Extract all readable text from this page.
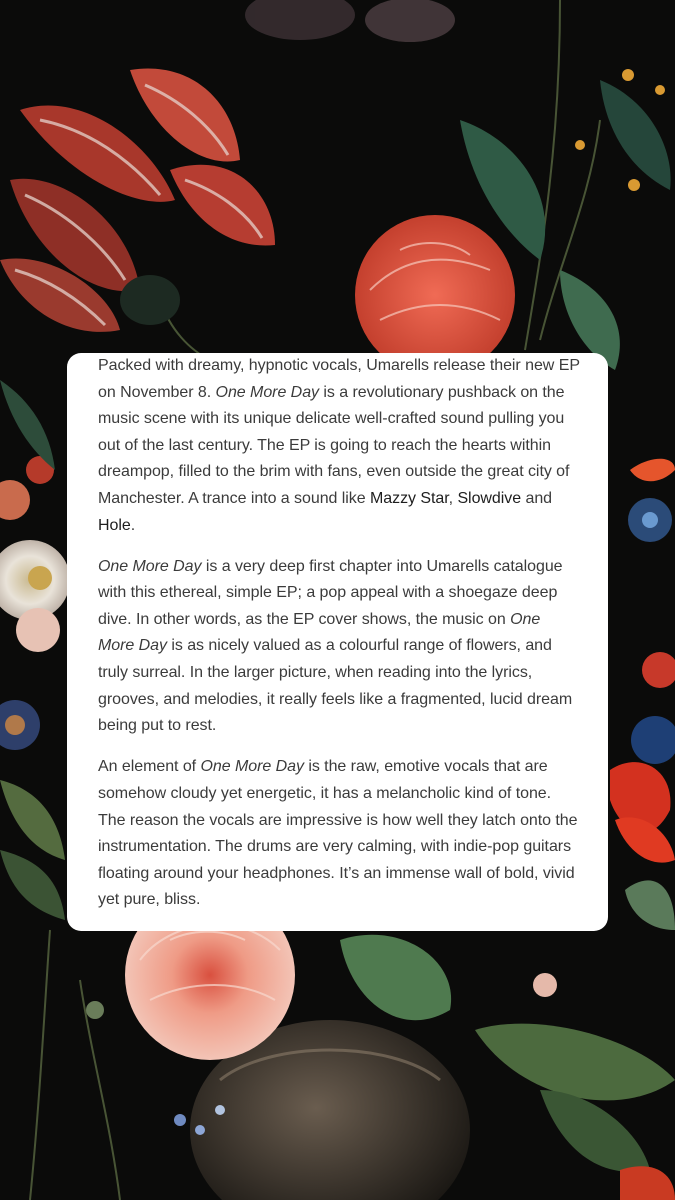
Packed with dreamy, hypnotic vocals, Umarells release their new EP on November 8. One More Day is a revolutionary pushback on the music scene with its unique delicate well-crafted sound pulling you out of the last century. The EP is going to reach the hearts within dreampop, filled to the brim with fans, even outside the great city of Manchester. A trance into a sound like Mazzy Star, Slowdive and Hole.

One More Day is a very deep first chapter into Umarells catalogue with this ethereal, simple EP; a pop appeal with a shoegaze deep dive. In other words, as the EP cover shows, the music on One More Day is as nicely valued as a colourful range of flowers, and truly surreal. In the larger picture, when reading into the lyrics, grooves, and melodies, it really feels like a fragmented, lucid dream being put to rest.

An element of One More Day is the raw, emotive vocals that are somehow cloudy yet energetic, it has a melancholic kind of tone. The reason the vocals are impressive is how well they latch onto the instrumentation. The drums are very calming, with indie-pop guitars floating around your headphones. It’s an immense wall of bold, vivid yet pure, bliss.
